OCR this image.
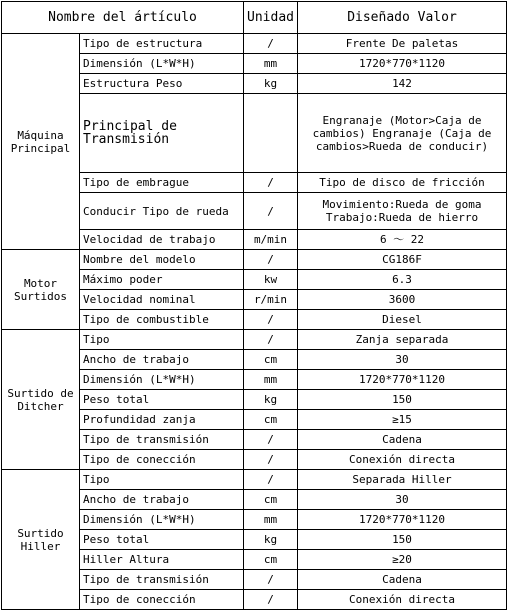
Nombre del ártículo		Unidad	Diseñado Valor
Máquina Principal	Tipo de estructura	/	Frente De paletas
	Dimensión (L*W*H)	mm	1720*770*1120
	Estructura Peso	kg	142
	Principal de Transmisión		Engranaje (Motor>Caja de cambios) Engranaje (Caja de cambios>Rueda de conducir)
	Tipo de embrague	/	Tipo de disco de fricción
	Conducir Tipo de rueda	/	Movimiento:Rueda de goma Trabajo:Rueda de hierro
	Velocidad de trabajo	m/min	6 ～ 22
Motor Surtidos	Nombre del modelo	/	CG186F
	Máximo poder	kw	6.3
	Velocidad nominal	r/min	3600
	Tipo de combustible	/	Diesel
Surtido de Ditcher	Tipo	/	Zanja separada
	Ancho de trabajo	cm	30
	Dimensión (L*W*H)	mm	1720*770*1120
	Peso total	kg	150
	Profundidad zanja	cm	≥15
	Tipo de transmisión	/	Cadena
	Tipo de conección	/	Conexión directa
Surtido Hiller	Tipo	/	Separada Hiller
	Ancho de trabajo	cm	30
	Dimensión (L*W*H)	mm	1720*770*1120
	Peso total	kg	150
	Hiller Altura	cm	≥20
	Tipo de transmisión	/	Cadena
	Tipo de conección	/	Conexión directa
